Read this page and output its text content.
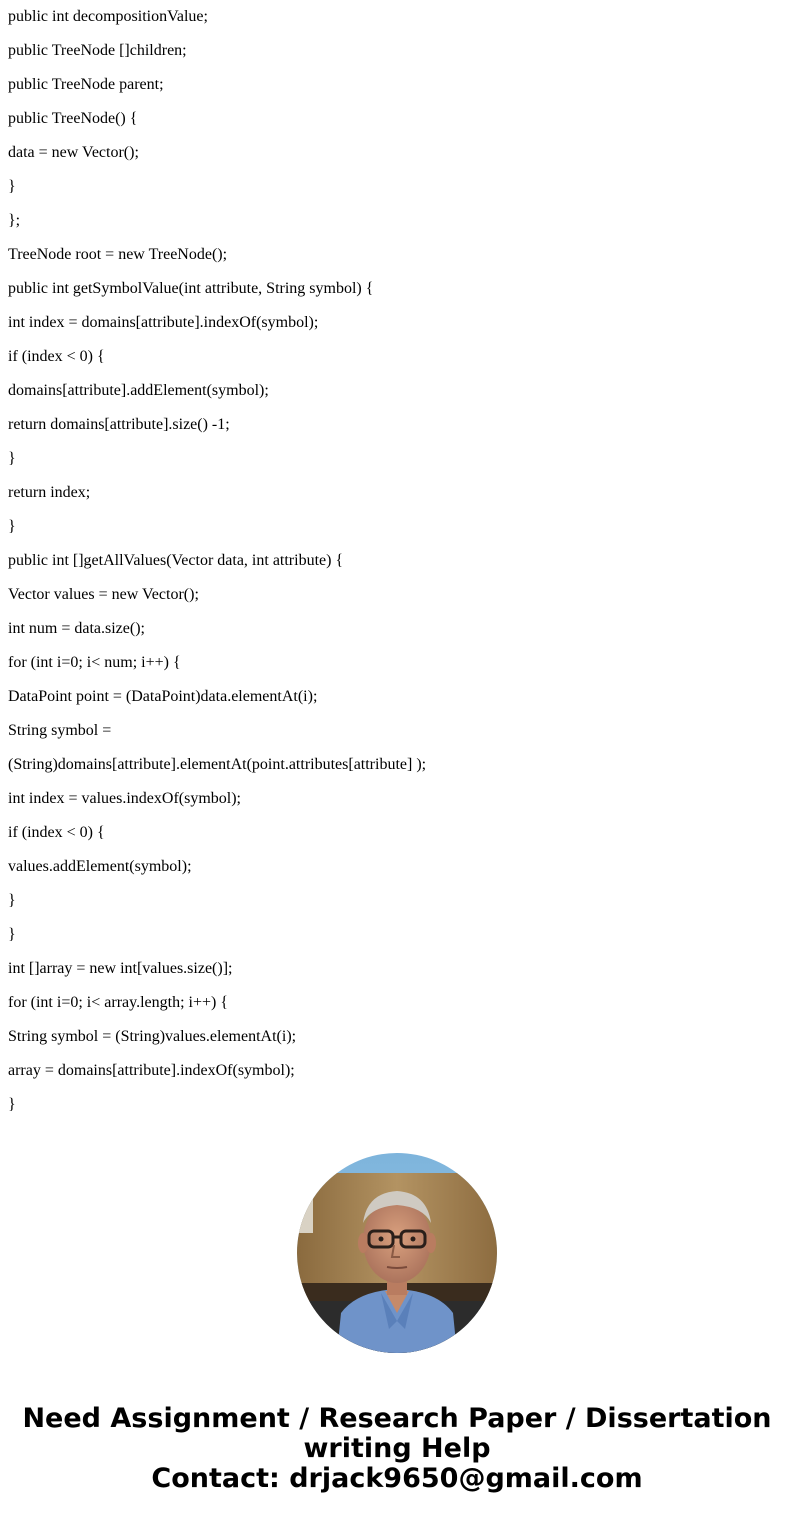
public int decompositionValue;
public TreeNode []children;
public TreeNode parent;
public TreeNode() {
data = new Vector();
}
};
TreeNode root = new TreeNode();
public int getSymbolValue(int attribute, String symbol) {
int index = domains[attribute].indexOf(symbol);
if (index < 0) {
domains[attribute].addElement(symbol);
return domains[attribute].size() -1;
}
return index;
}
public int []getAllValues(Vector data, int attribute) {
Vector values = new Vector();
int num = data.size();
for (int i=0; i< num; i++) {
DataPoint point = (DataPoint)data.elementAt(i);
String symbol =
(String)domains[attribute].elementAt(point.attributes[attribute] );
int index = values.indexOf(symbol);
if (index < 0) {
values.addElement(symbol);
}
}
int []array = new int[values.size()];
for (int i=0; i< array.length; i++) {
String symbol = (String)values.elementAt(i);
array = domains[attribute].indexOf(symbol);
}
Need Assignment / Research Paper / Dissertation
writing Help
Contact: drjack9650@gmail.com
